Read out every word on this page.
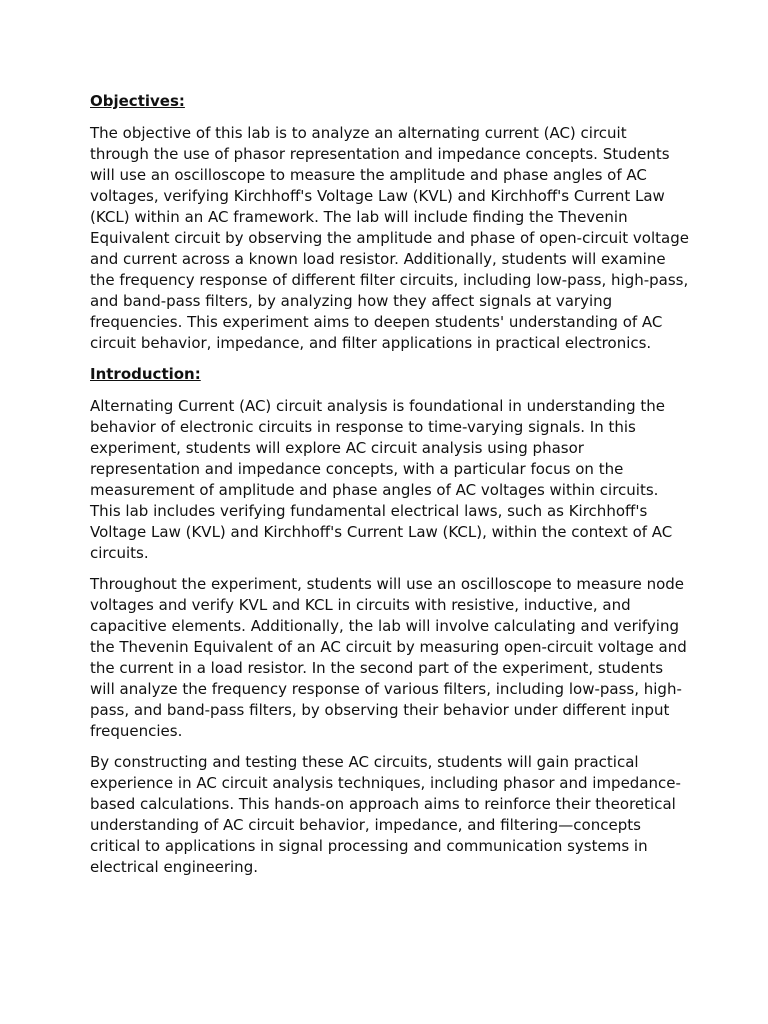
Objectives:

The objective of this lab is to analyze an alternating current (AC) circuit through the use of phasor representation and impedance concepts. Students will use an oscilloscope to measure the amplitude and phase angles of AC voltages, verifying Kirchhoff's Voltage Law (KVL) and Kirchhoff's Current Law (KCL) within an AC framework. The lab will include finding the Thevenin Equivalent circuit by observing the amplitude and phase of open-circuit voltage and current across a known load resistor. Additionally, students will examine the frequency response of different filter circuits, including low-pass, high-pass, and band-pass filters, by analyzing how they affect signals at varying frequencies. This experiment aims to deepen students' understanding of AC circuit behavior, impedance, and filter applications in practical electronics.

Introduction:

Alternating Current (AC) circuit analysis is foundational in understanding the behavior of electronic circuits in response to time-varying signals. In this experiment, students will explore AC circuit analysis using phasor representation and impedance concepts, with a particular focus on the measurement of amplitude and phase angles of AC voltages within circuits. This lab includes verifying fundamental electrical laws, such as Kirchhoff's Voltage Law (KVL) and Kirchhoff's Current Law (KCL), within the context of AC circuits.

Throughout the experiment, students will use an oscilloscope to measure node voltages and verify KVL and KCL in circuits with resistive, inductive, and capacitive elements. Additionally, the lab will involve calculating and verifying the Thevenin Equivalent of an AC circuit by measuring open-circuit voltage and the current in a load resistor. In the second part of the experiment, students will analyze the frequency response of various filters, including low-pass, high-pass, and band-pass filters, by observing their behavior under different input frequencies.

By constructing and testing these AC circuits, students will gain practical experience in AC circuit analysis techniques, including phasor and impedance-based calculations. This hands-on approach aims to reinforce their theoretical understanding of AC circuit behavior, impedance, and filtering—concepts critical to applications in signal processing and communication systems in electrical engineering.
